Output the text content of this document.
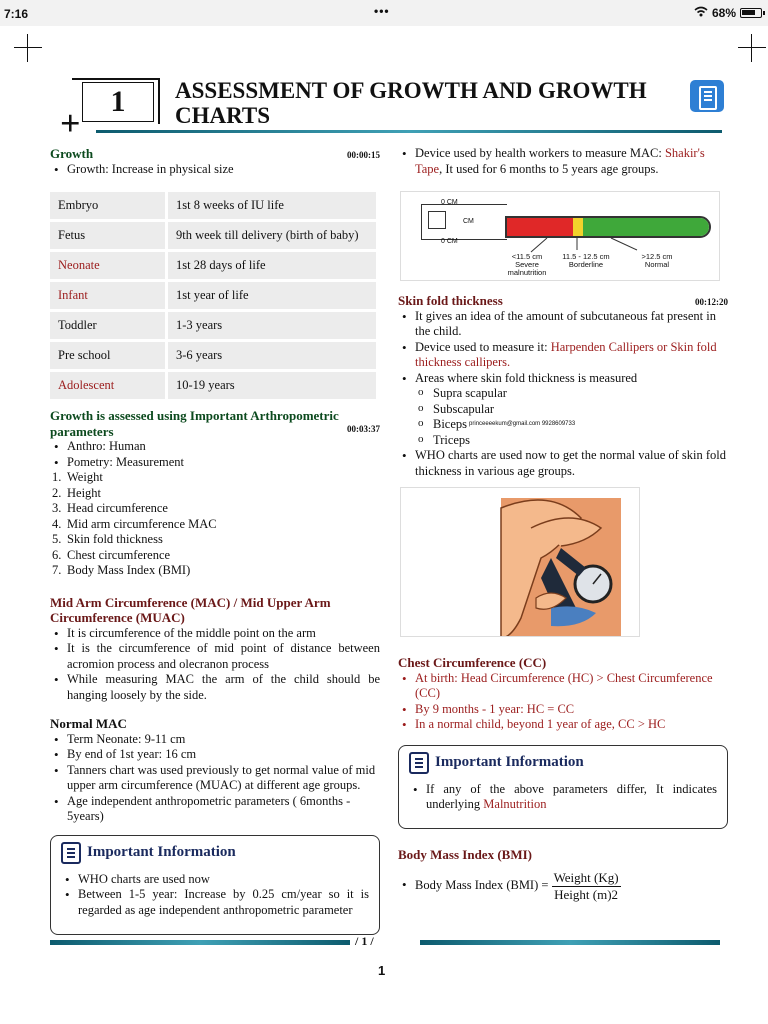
7:16	•••	68%
1
+
ASSESSMENT OF GROWTH AND GROWTH
CHARTS
Growth	00:00:15
• Growth: Increase in physical size
Embryo	1st 8 weeks of IU life
Fetus	9th week till delivery (birth of baby)
Neonate	1st 28 days of life
Infant	1st year of life
Toddler	1-3 years
Pre school	3-6 years
Adolescent	10-19 years
Growth is assessed using Important Arthropometric parameters	00:03:37
• Anthro: Human
• Pometry: Measurement
1. Weight
2. Height
3. Head circumference
4. Mid arm circumference MAC
5. Skin fold thickness
6. Chest circumference
7. Body Mass Index (BMI)
Mid Arm Circumference (MAC) / Mid Upper Arm Circumference (MUAC)
• It is circumference of the middle point on the arm
• It is the circumference of mid point of distance between acromion process and olecranon process
• While measuring MAC the arm of the child should be hanging loosely by the side.
Normal MAC
• Term Neonate: 9-11 cm
• By end of 1st year: 16 cm
• Tanners chart was used previously to get normal value of mid upper arm circumference (MUAC) at different age groups.
• Age independent anthropometric parameters ( 6months - 5years)
Important Information
• WHO charts are used now
• Between 1-5 year: Increase by 0.25 cm/year so it is regarded as age independent anthropometric parameter
• Device used by health workers to measure MAC: Shakir's Tape, It used for 6 months to 5 years age groups.
0 CM
CM
0 CM
<11.5 cm
Severe
malnutrition
11.5 - 12.5 cm
Borderline
>12.5 cm
Normal
Skin fold thickness	00:12:20
• It gives an idea of the amount of subcutaneous fat present in the child.
• Device used to measure it: Harpenden Callipers or Skin fold thickness callipers.
• Areas where skin fold thickness is measured
o Supra scapular
o Subscapular
o Biceps $^{princeeeekum@gmail.com 9928609733}$
o Triceps
• WHO charts are used now to get the normal value of skin fold thickness in various age groups.
Chest Circumference (CC)
• At birth: Head Circumference (HC) > Chest Circumference (CC)
• By 9 months - 1 year: HC = CC
• In a normal child, beyond 1 year of age, CC > HC
Important Information
• If any of the above parameters differ, It indicates underlying Malnutrition
Body Mass Index (BMI)
• Body Mass Index $(BMI) = \frac{\text{Weight (Kg)}}{\text{Height (m)2}}$
/ 1 /
1
